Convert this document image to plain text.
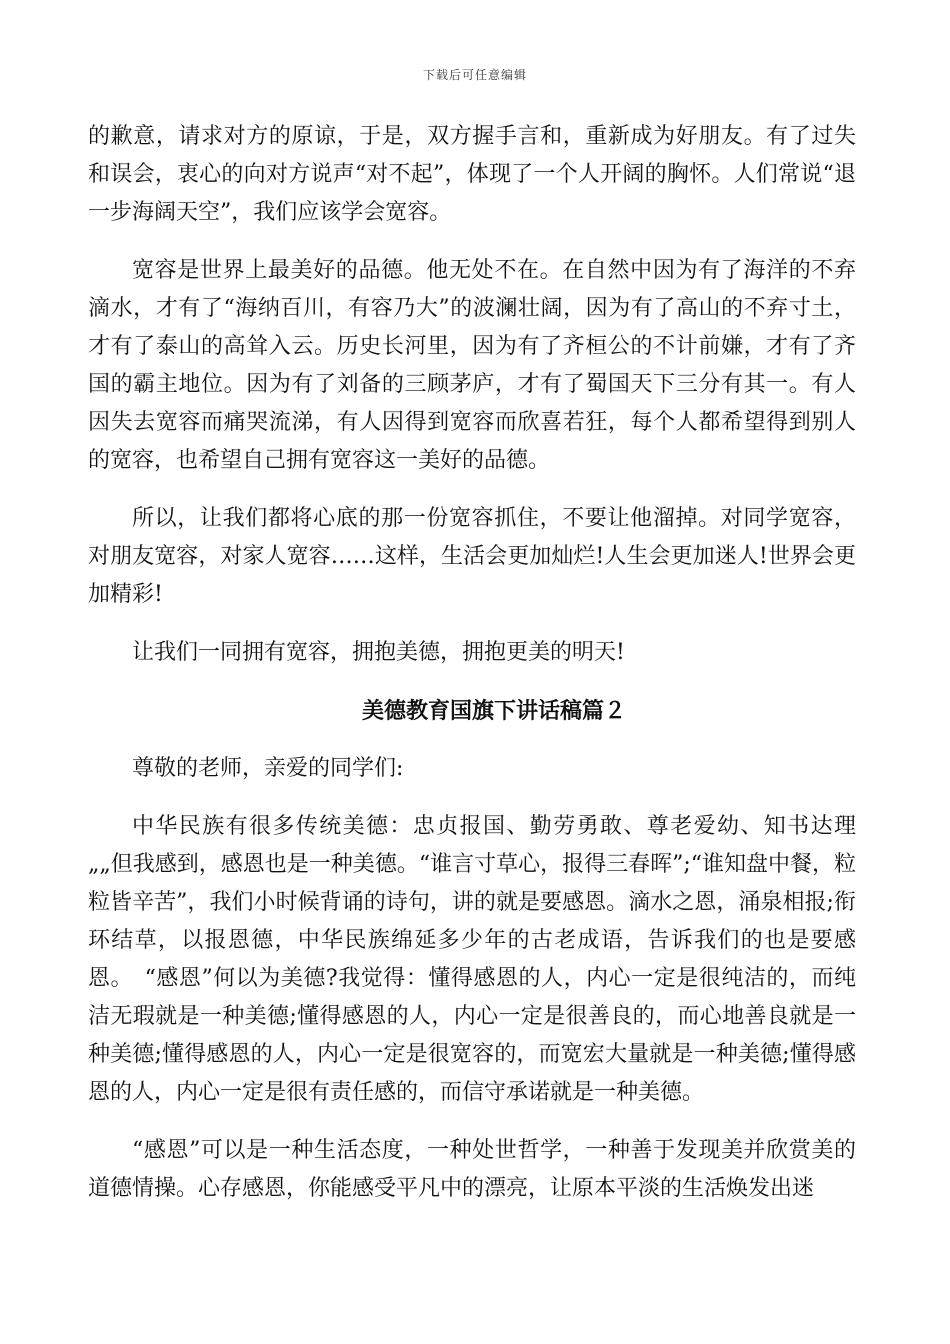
下载后可任意编辑

的歉意，请求对方的原谅，于是，双方握手言和，重新成为好朋友。有了过失和误会，衷心的向对方说声“对不起”，体现了一个人开阔的胸怀。人们常说“退一步海阔天空”，我们应该学会宽容。

宽容是世界上最美好的品德。他无处不在。在自然中因为有了海洋的不弃滴水，才有了“海纳百川，有容乃大”的波澜壮阔，因为有了高山的不弃寸土，才有了泰山的高耸入云。历史长河里，因为有了齐桓公的不计前嫌，才有了齐国的霸主地位。因为有了刘备的三顾茅庐，才有了蜀国天下三分有其一。有人因失去宽容而痛哭流涕，有人因得到宽容而欣喜若狂，每个人都希望得到别人的宽容，也希望自己拥有宽容这一美好的品德。

所以，让我们都将心底的那一份宽容抓住，不要让他溜掉。对同学宽容，对朋友宽容，对家人宽容……这样，生活会更加灿烂!人生会更加迷人!世界会更加精彩!

让我们一同拥有宽容，拥抱美德，拥抱更美的明天!

美德教育国旗下讲话稿篇２

尊敬的老师，亲爱的同学们:

中华民族有很多传统美德：忠贞报国、勤劳勇敢、尊老爱幼、知书达理„„但我感到，感恩也是一种美德。“谁言寸草心，报得三春晖”;“谁知盘中餐，粒粒皆辛苦”，我们小时候背诵的诗句，讲的就是要感恩。滴水之恩，涌泉相报;衔环结草，以报恩德，中华民族绵延多少年的古老成语，告诉我们的也是要感恩。　“感恩”何以为美德?我觉得：懂得感恩的人，内心一定是很纯洁的，而纯洁无瑕就是一种美德;懂得感恩的人，内心一定是很善良的，而心地善良就是一种美德;懂得感恩的人，内心一定是很宽容的，而宽宏大量就是一种美德;懂得感恩的人，内心一定是很有责任感的，而信守承诺就是一种美德。

“感恩”可以是一种生活态度，一种处世哲学，一种善于发现美并欣赏美的道德情操。心存感恩，你能感受平凡中的漂亮，让原本平淡的生活焕发出迷
